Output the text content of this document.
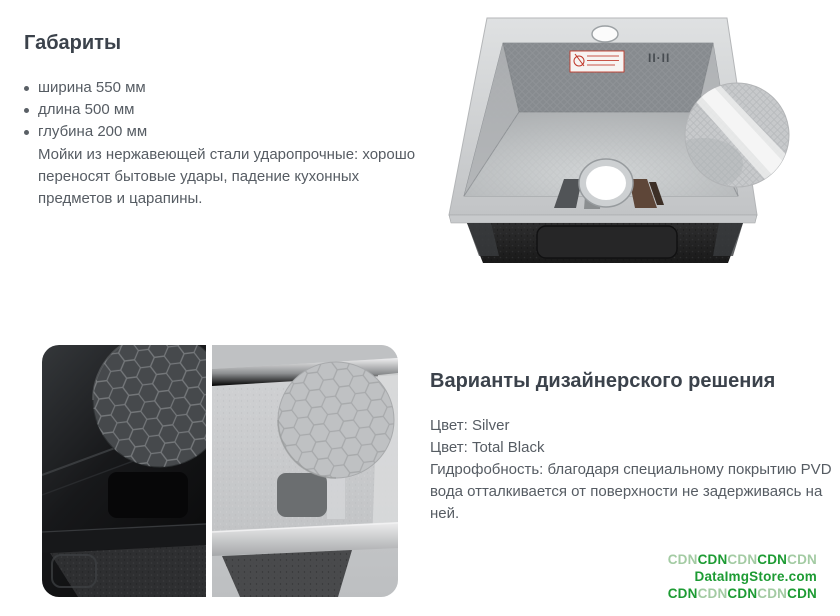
Габариты
ширина 550 мм
длина 500 мм
глубина 200 мм

Мойки из нержавеющей стали ударопрочные: хорошо переносят бытовые удары, падение кухонных предметов и царапины.

II·II
Варианты дизайнерского решения
Цвет: Silver
Цвет: Total Black

Гидрофобность: благодаря специальному покрытию PVD вода отталкивается от поверхности не задерживаясь на ней.

CDNCDNCDNCDNCDN
DataImgStore.com
CDNCDNCDNCDNCDN
